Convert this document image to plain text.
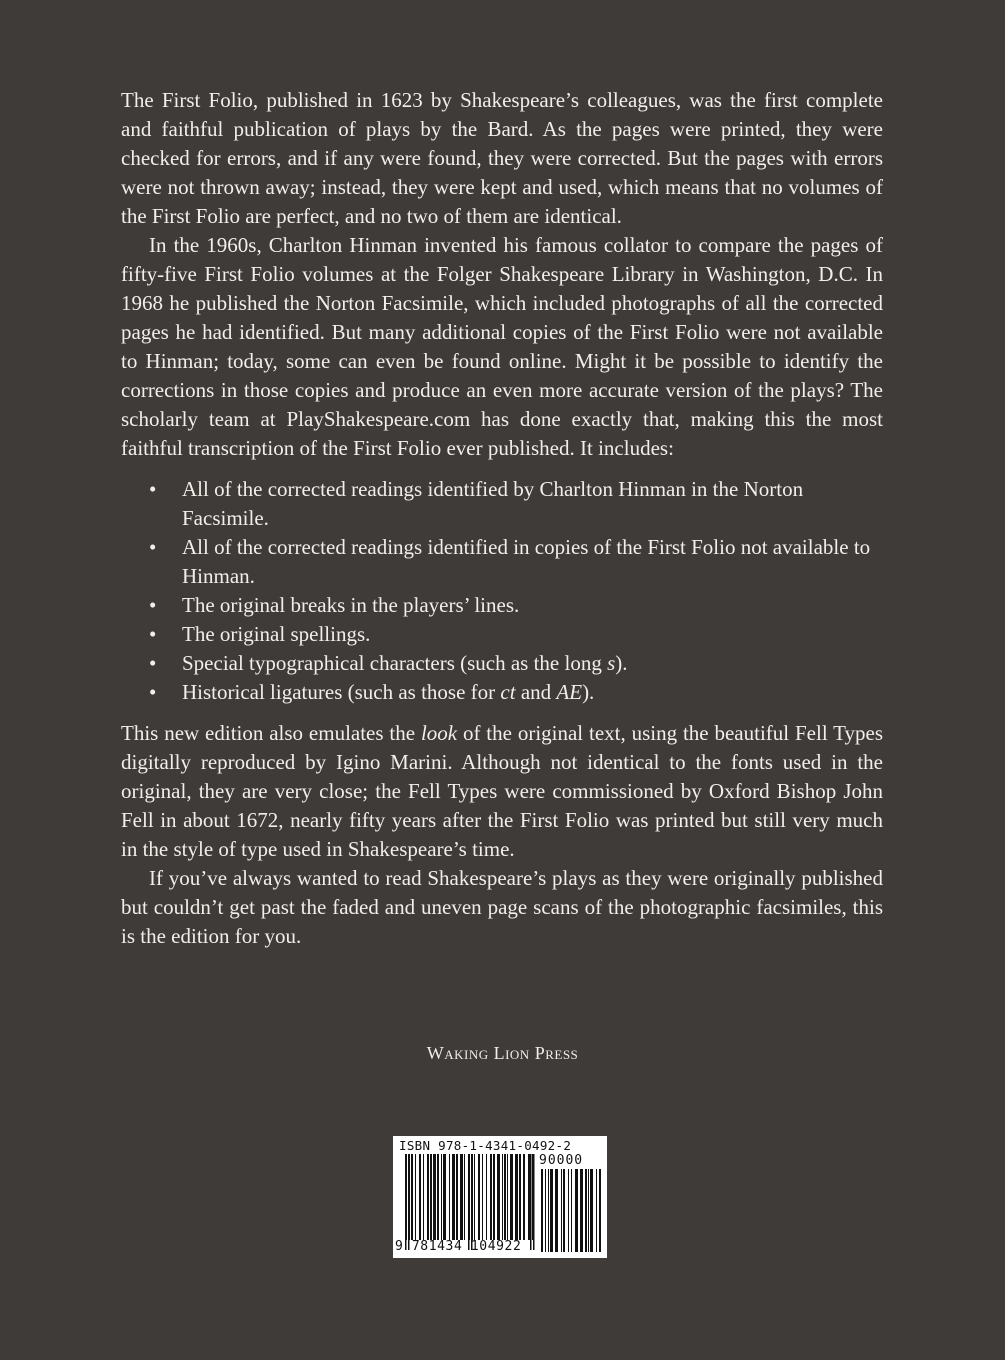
The First Folio, published in 1623 by Shakespeare’s colleagues, was the first complete and faithful publication of plays by the Bard. As the pages were printed, they were checked for errors, and if any were found, they were corrected. But the pages with errors were not thrown away; instead, they were kept and used, which means that no volumes of the First Folio are perfect, and no two of them are identical.

In the 1960s, Charlton Hinman invented his famous collator to compare the pages of fifty-five First Folio volumes at the Folger Shakespeare Library in Washington, D.C. In 1968 he published the Norton Facsimile, which included photographs of all the corrected pages he had identified. But many additional copies of the First Folio were not available to Hinman; today, some can even be found online. Might it be possible to identify the corrections in those copies and produce an even more accurate version of the plays? The scholarly team at PlayShakespeare.com has done exactly that, making this the most faithful transcription of the First Folio ever published. It includes:

• All of the corrected readings identified by Charlton Hinman in the Norton Facsimile.
• All of the corrected readings identified in copies of the First Folio not available to Hinman.
• The original breaks in the players’ lines.
• The original spellings.
• Special typographical characters (such as the long s).
• Historical ligatures (such as those for ct and AE).

This new edition also emulates the look of the original text, using the beautiful Fell Types digitally reproduced by Igino Marini. Although not identical to the fonts used in the original, they are very close; the Fell Types were commissioned by Oxford Bishop John Fell in about 1672, nearly fifty years after the First Folio was printed but still very much in the style of type used in Shakespeare’s time.

If you’ve always wanted to read Shakespeare’s plays as they were originally published but couldn’t get past the faded and uneven page scans of the photographic facsimiles, this is the edition for you.

Waking Lion Press
ISBN 978-1-4341-0492-2
90000
9 781434 104922
